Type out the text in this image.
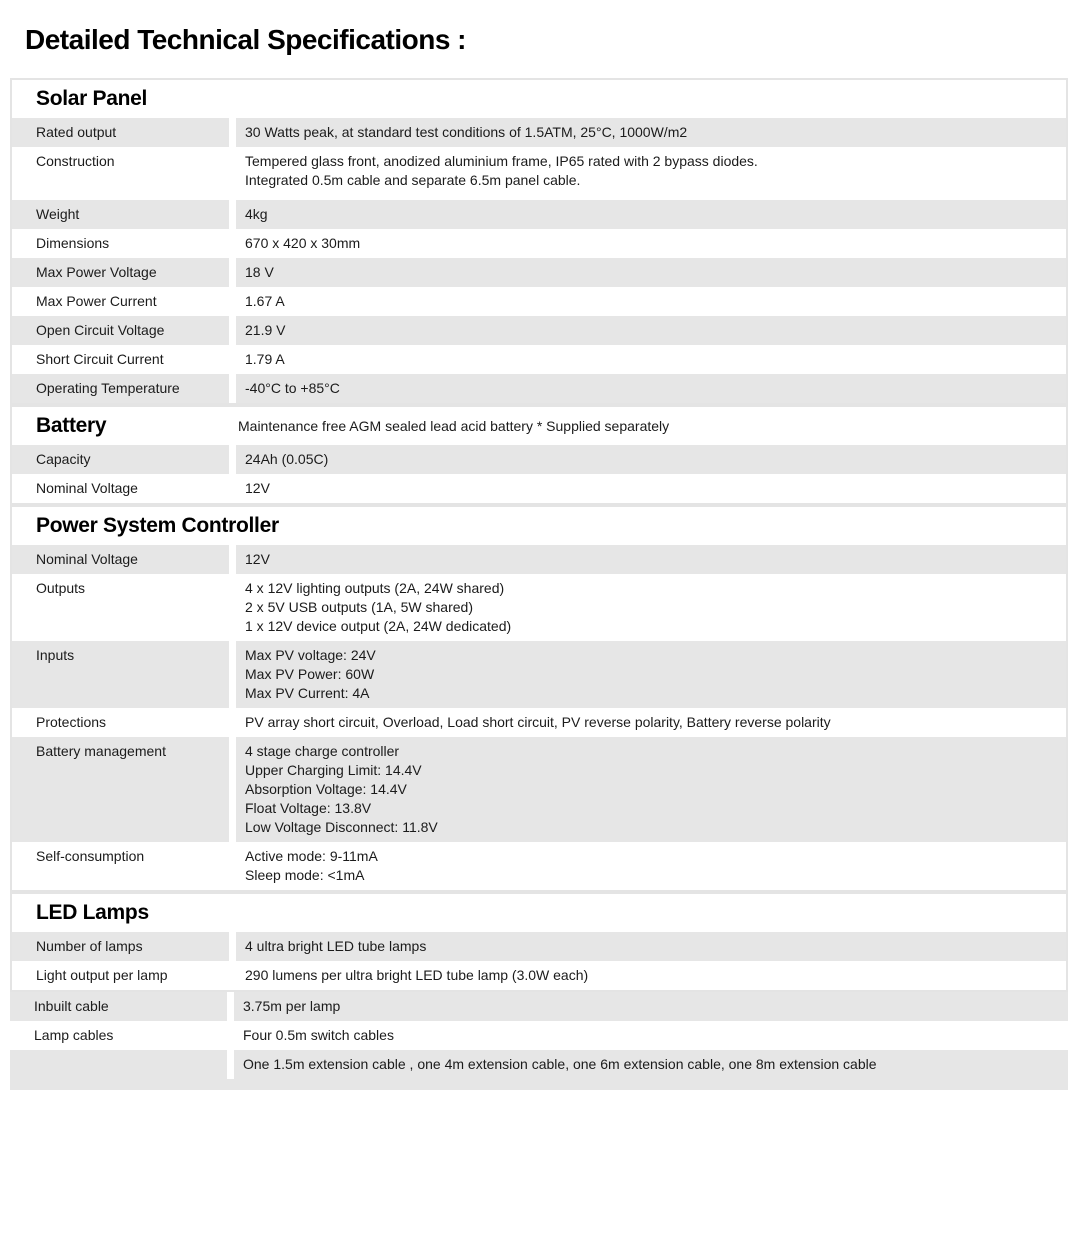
Detailed Technical Specifications :
Solar Panel
Rated output	30 Watts peak, at standard test conditions of 1.5ATM, 25°C, 1000W/m2
Construction	Tempered glass front, anodized aluminium frame, IP65 rated with 2 bypass diodes.
Integrated 0.5m cable and separate 6.5m panel cable.
Weight	4kg
Dimensions	670 x 420 x 30mm
Max Power Voltage	18 V
Max Power Current	1.67 A
Open Circuit Voltage	21.9 V
Short Circuit Current	1.79 A
Operating Temperature	-40°C to +85°C
Battery	Maintenance free AGM sealed lead acid battery * Supplied separately
Capacity	24Ah (0.05C)
Nominal Voltage	12V
Power System Controller
Nominal Voltage	12V
Outputs	4 x 12V lighting outputs (2A, 24W shared)
2 x 5V USB outputs (1A, 5W shared)
1 x 12V device output (2A, 24W dedicated)
Inputs	Max PV voltage: 24V
Max PV Power: 60W
Max PV Current: 4A
Protections	PV array short circuit, Overload, Load short circuit, PV reverse polarity, Battery reverse polarity
Battery management	4 stage charge controller
Upper Charging Limit: 14.4V
Absorption Voltage: 14.4V
Float Voltage: 13.8V
Low Voltage Disconnect: 11.8V
Self-consumption	Active mode: 9-11mA
Sleep mode: <1mA
LED Lamps
Number of lamps	4 ultra bright LED tube lamps
Light output per lamp	290 lumens per ultra bright LED tube lamp (3.0W each)
Inbuilt cable	3.75m per lamp
Lamp cables	Four 0.5m switch cables
One 1.5m extension cable , one 4m extension cable, one 6m extension cable, one 8m extension cable
